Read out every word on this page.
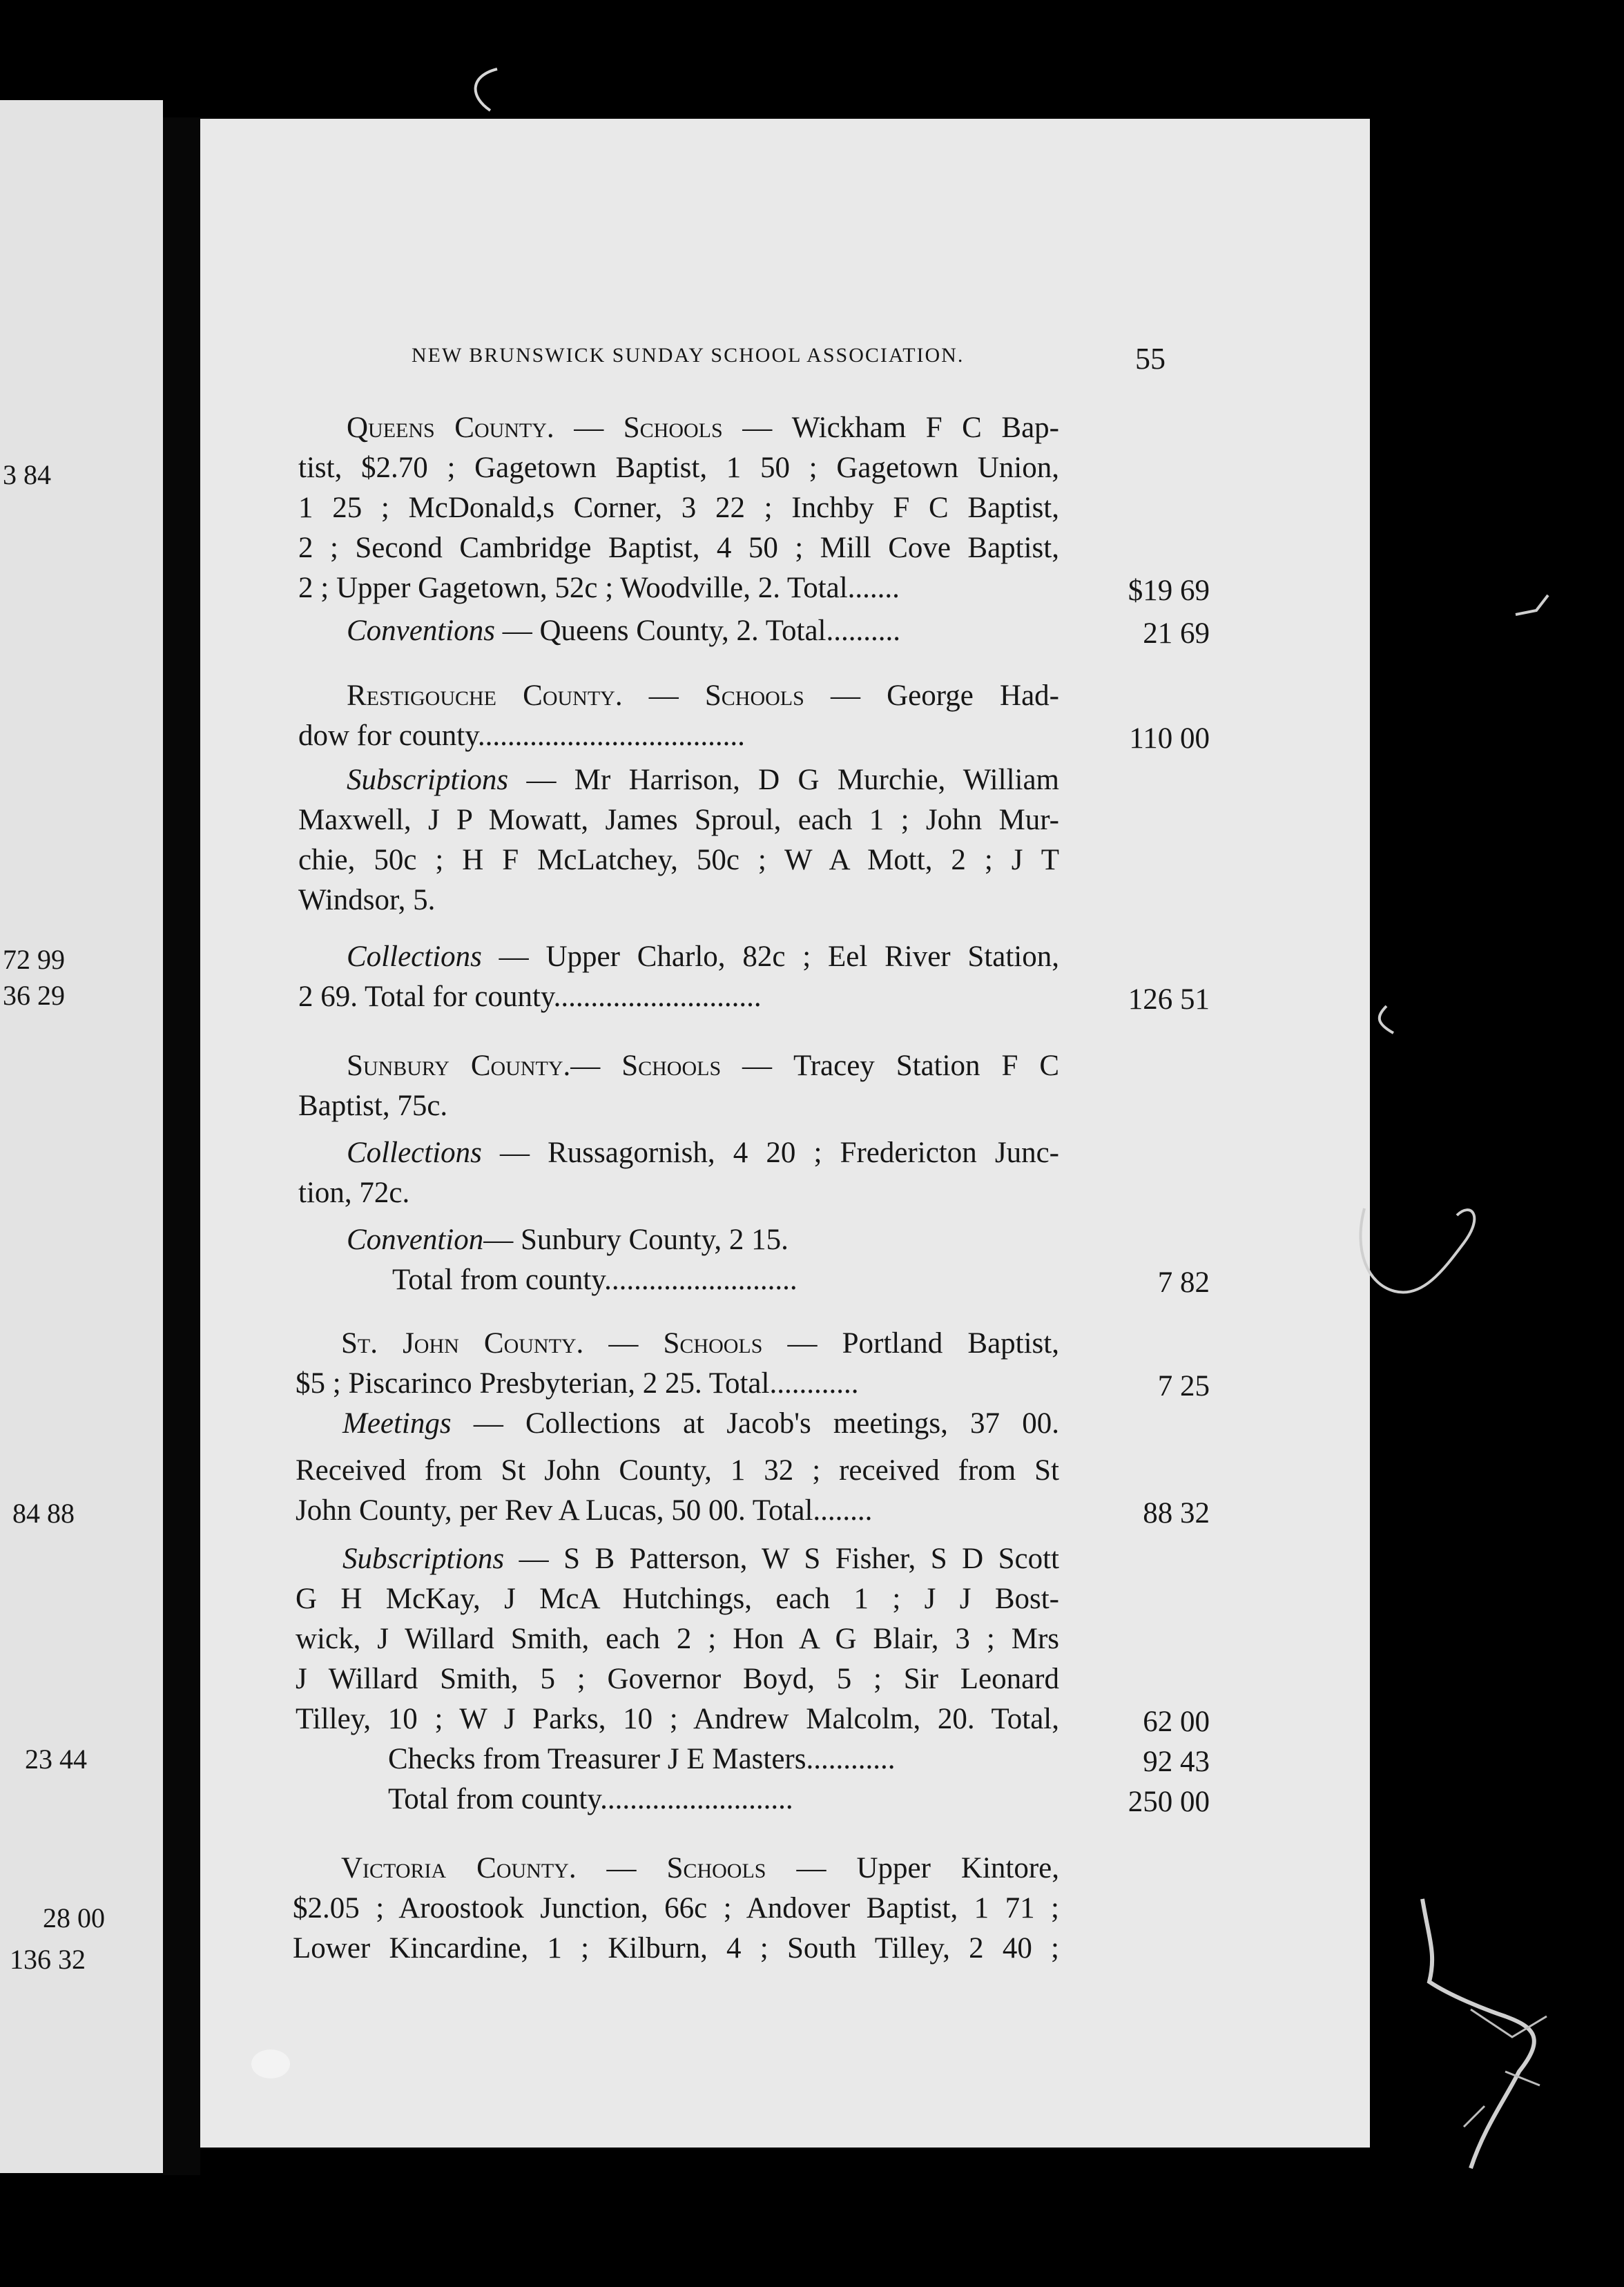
3 84
72 99
36 29
84 88
23 44
28 00
136 32
NEW BRUNSWICK SUNDAY SCHOOL ASSOCIATION.	55
Queens County. — Schools — Wickham F C Bap-
tist, $2.70 ; Gagetown Baptist, 1 50 ; Gagetown Union,
1 25 ; McDonald,s Corner, 3 22 ; Inchby F C Baptist,
2 ; Second Cambridge Baptist, 4 50 ; Mill Cove Baptist,
2 ; Upper Gagetown, 52c ; Woodville, 2. Total.......	$19 69
Conventions — Queens County, 2. Total..........	21 69
Restigouche County. — Schools — George Had-
dow for county....................................	110 00
Subscriptions — Mr Harrison, D G Murchie, William
Maxwell, J P Mowatt, James Sproul, each 1 ; John Mur-
chie, 50c ; H F McLatchey, 50c ; W A Mott, 2 ; J T
Windsor, 5.
Collections — Upper Charlo, 82c ; Eel River Station,
2 69. Total for county............................	126 51
Sunbury County.— Schools — Tracey Station F C
Baptist, 75c.
Collections — Russagornish, 4 20 ; Fredericton Junc-
tion, 72c.
Convention— Sunbury County, 2 15.
Total from county..........................	7 82
St. John County. — Schools — Portland Baptist,
$5 ; Piscarinco Presbyterian, 2 25. Total............	7 25
Meetings — Collections at Jacob's meetings, 37 00.
Received from St John County, 1 32 ; received from St
John County, per Rev A Lucas, 50 00. Total........	88 32
Subscriptions — S B Patterson, W S Fisher, S D Scott
G H McKay, J McA Hutchings, each 1 ; J J Bost-
wick, J Willard Smith, each 2 ; Hon A G Blair, 3 ; Mrs
J Willard Smith, 5 ; Governor Boyd, 5 ; Sir Leonard
Tilley, 10 ; W J Parks, 10 ; Andrew Malcolm, 20. Total,	62 00
Checks from Treasurer J E Masters............	92 43
Total from county..........................	250 00
Victoria County. — Schools — Upper Kintore,
$2.05 ; Aroostook Junction, 66c ; Andover Baptist, 1 71 ;
Lower Kincardine, 1 ; Kilburn, 4 ; South Tilley, 2 40 ;
